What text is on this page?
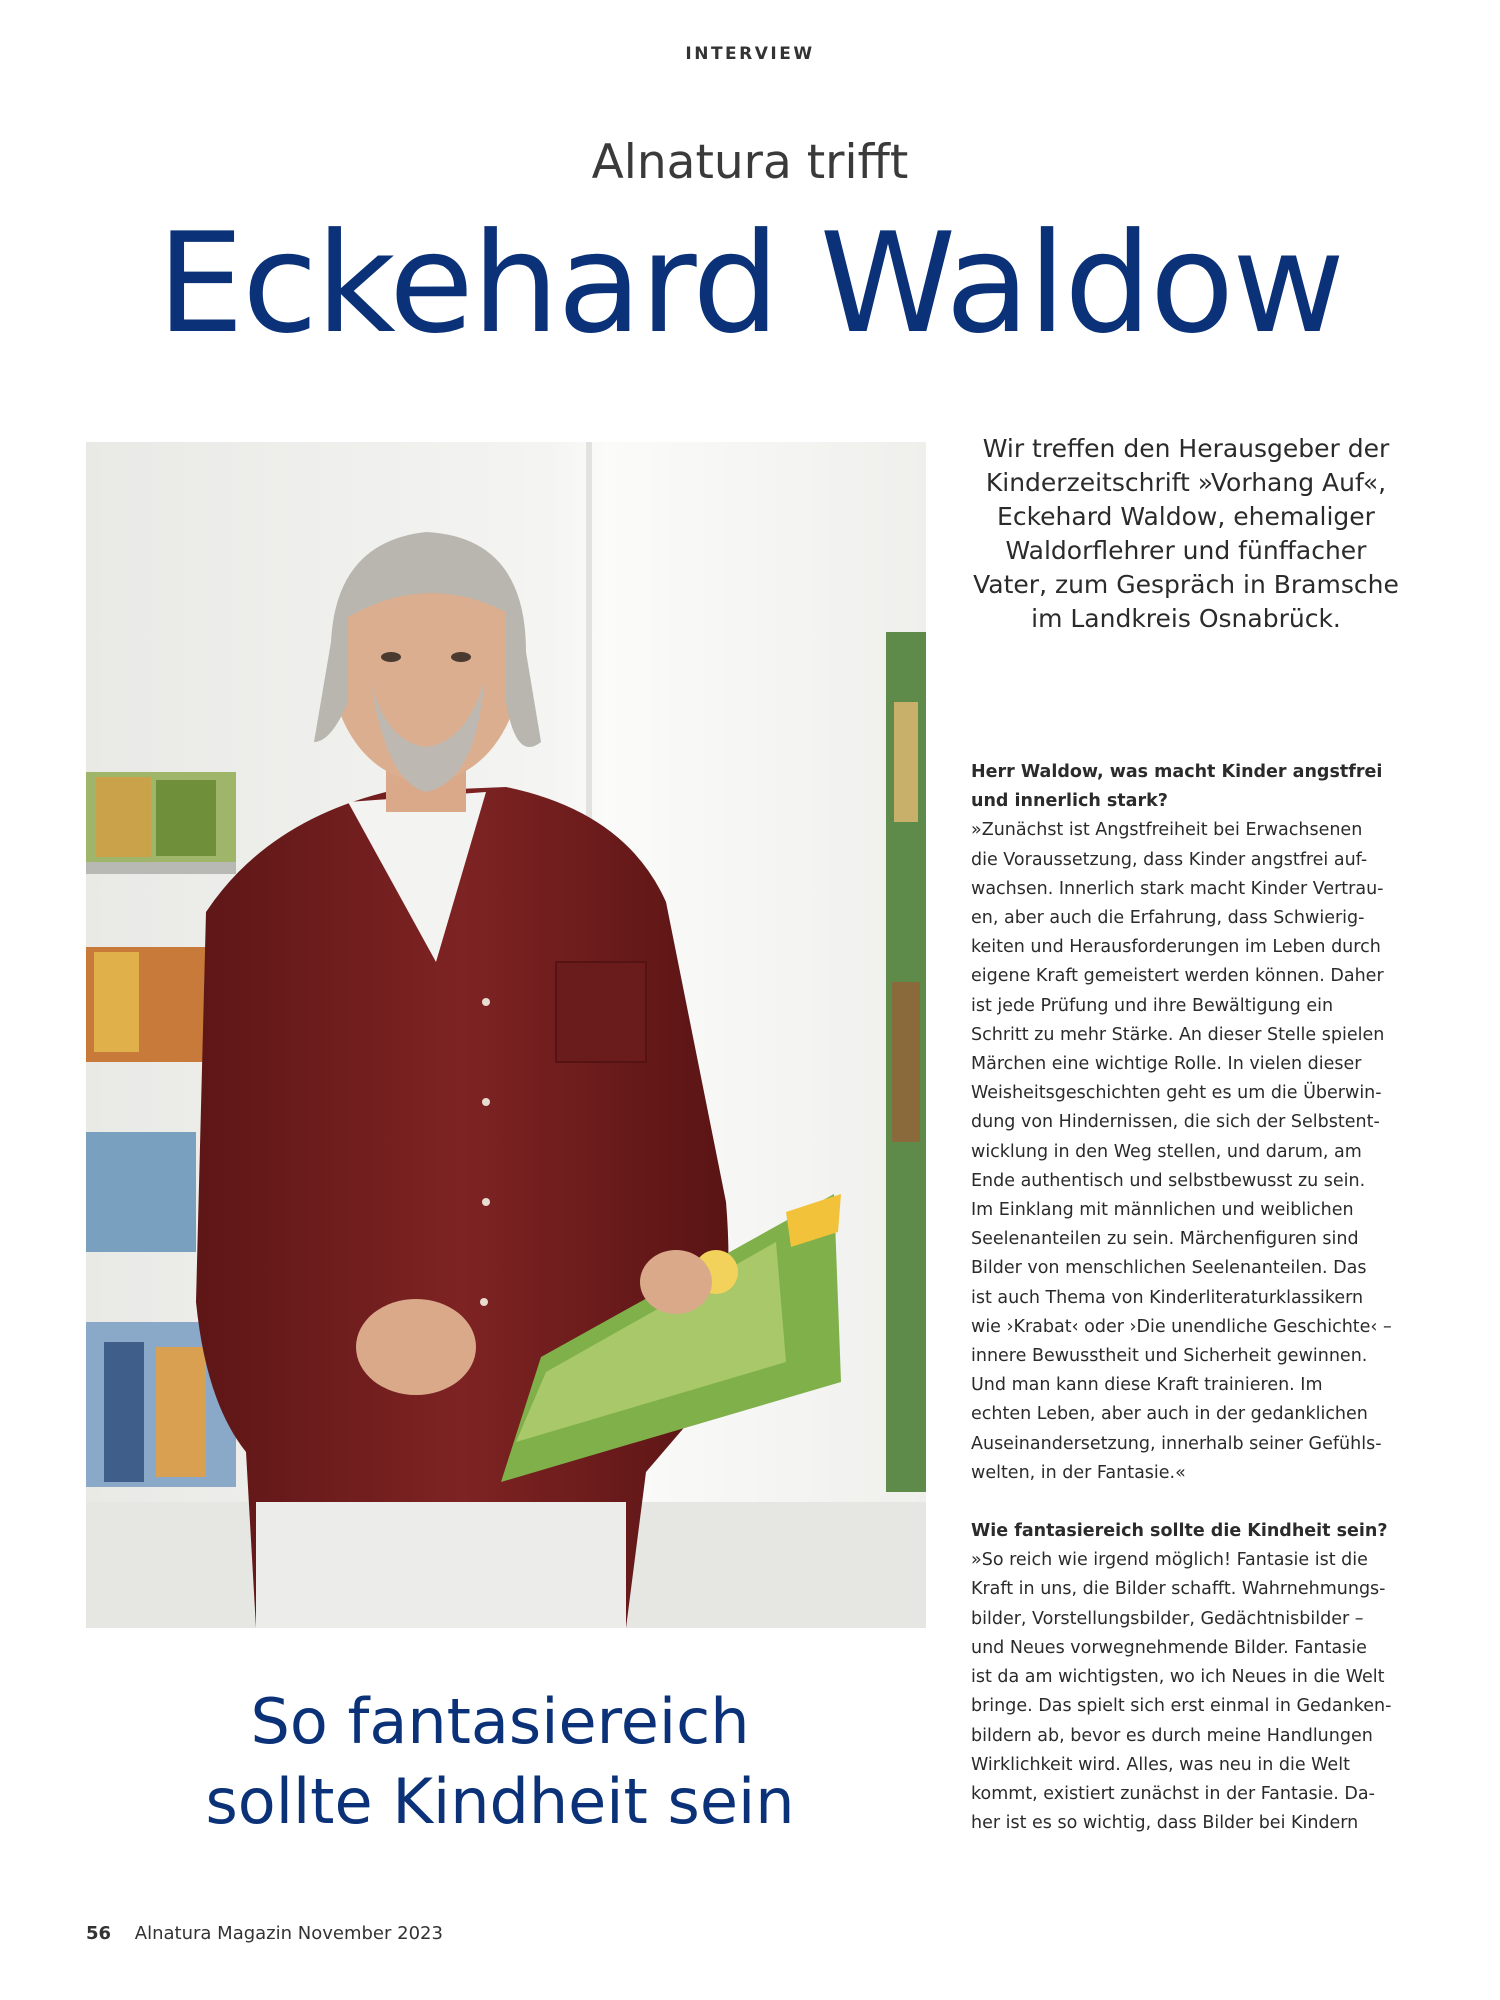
INTERVIEW
Alnatura trifft
Eckehard Waldow
Wir treffen den Herausgeber der
Kinderzeitschrift »Vorhang Auf«,
Eckehard Waldow, ehemaliger
Waldorflehrer und fünffacher
Vater, zum Gespräch in Bramsche
im Landkreis Osnabrück.
Herr Waldow, was macht Kinder angstfrei
und innerlich stark?
»Zunächst ist Angstfreiheit bei Erwachsenen
die Voraussetzung, dass Kinder angstfrei auf-
wachsen. Innerlich stark macht Kinder Vertrau-
en, aber auch die Erfahrung, dass Schwierig-
keiten und Herausforderungen im Leben durch
eigene Kraft gemeistert werden können. Daher
ist jede Prüfung und ihre Bewältigung ein
Schritt zu mehr Stärke. An dieser Stelle spielen
Märchen eine wichtige Rolle. In vielen dieser
Weisheitsgeschichten geht es um die Überwin-
dung von Hindernissen, die sich der Selbstent-
wicklung in den Weg stellen, und darum, am
Ende authentisch und selbstbewusst zu sein.
Im Einklang mit männlichen und weiblichen
Seelenanteilen zu sein. Märchenfiguren sind
Bilder von menschlichen Seelenanteilen. Das
ist auch Thema von Kinderliteraturklassikern
wie ›Krabat‹ oder ›Die unendliche Geschichte‹ –
innere Bewusstheit und Sicherheit gewinnen.
Und man kann diese Kraft trainieren. Im
echten Leben, aber auch in der gedanklichen
Auseinandersetzung, innerhalb seiner Gefühls-
welten, in der Fantasie.«
Wie fantasiereich sollte die Kindheit sein?
»So reich wie irgend möglich! Fantasie ist die
Kraft in uns, die Bilder schafft. Wahrnehmungs-
bilder, Vorstellungsbilder, Gedächtnisbilder –
und Neues vorwegnehmende Bilder. Fantasie
ist da am wichtigsten, wo ich Neues in die Welt
bringe. Das spielt sich erst einmal in Gedanken-
bildern ab, bevor es durch meine Handlungen
Wirklichkeit wird. Alles, was neu in die Welt
kommt, existiert zunächst in der Fantasie. Da-
her ist es so wichtig, dass Bilder bei Kindern
So fantasiereich
sollte Kindheit sein
56 Alnatura Magazin November 2023
